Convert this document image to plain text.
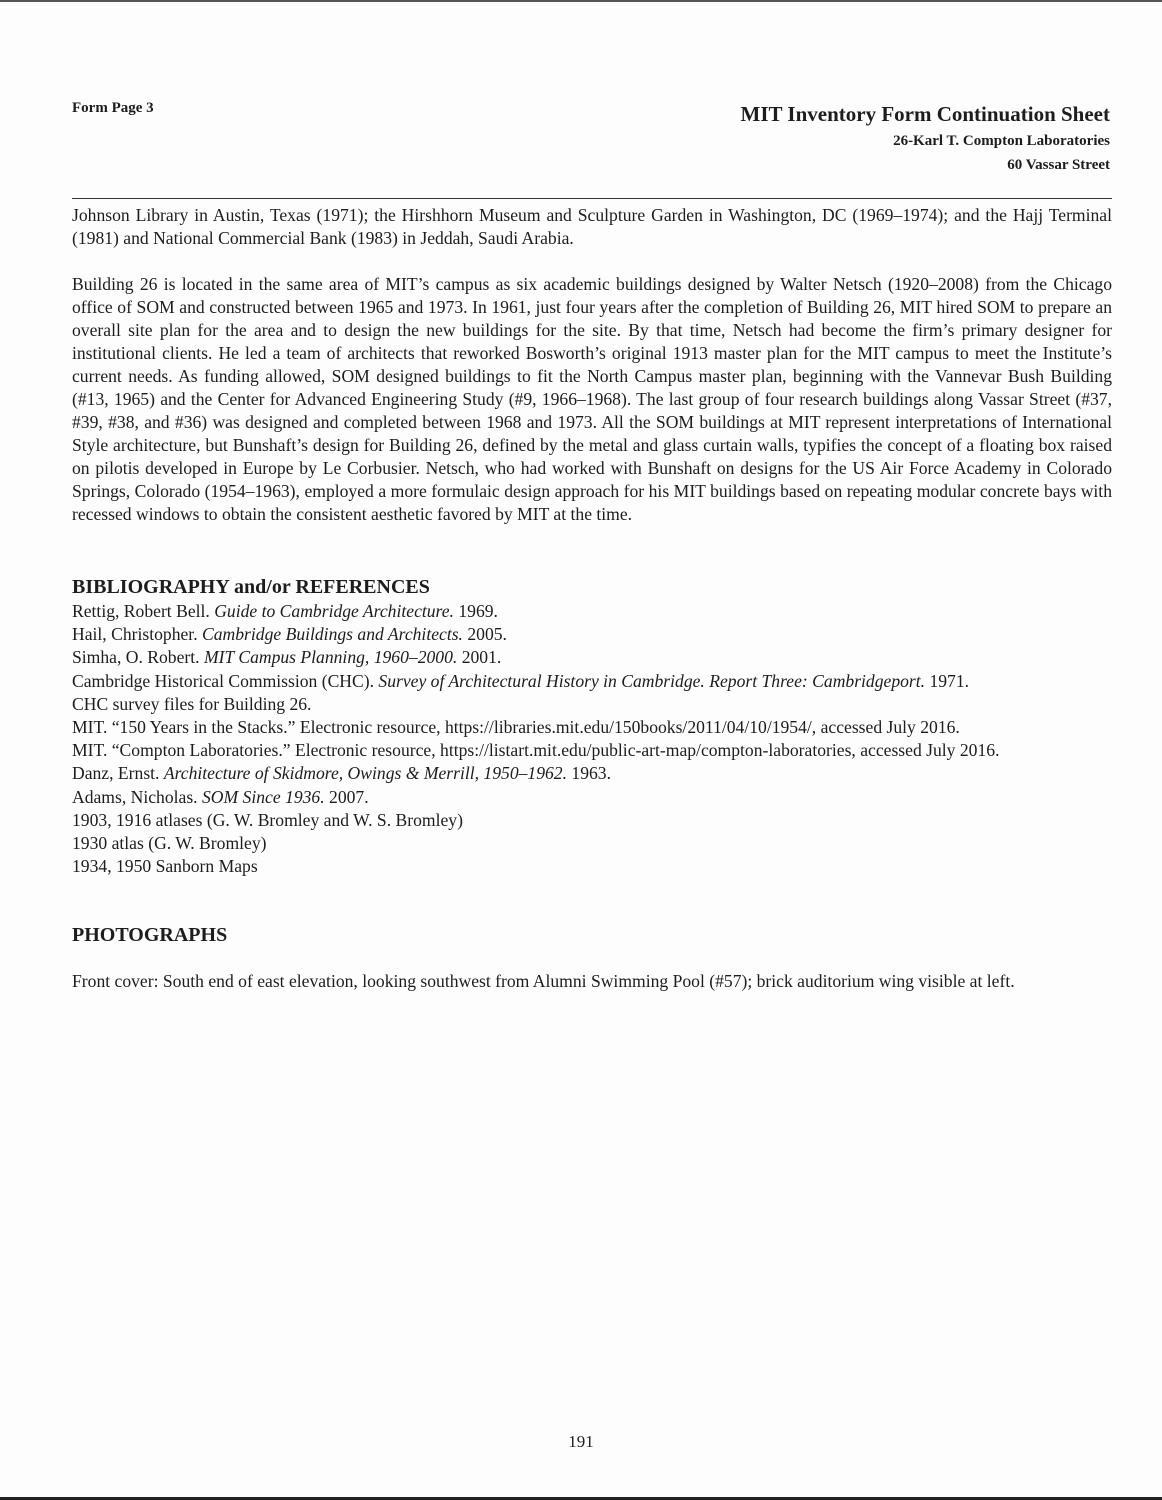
Form Page 3	MIT Inventory Form Continuation Sheet
26-Karl T. Compton Laboratories
60 Vassar Street

Johnson Library in Austin, Texas (1971); the Hirshhorn Museum and Sculpture Garden in Washington, DC (1969–1974); and the Hajj Terminal (1981) and National Commercial Bank (1983) in Jeddah, Saudi Arabia.

Building 26 is located in the same area of MIT’s campus as six academic buildings designed by Walter Netsch (1920–2008) from the Chicago office of SOM and constructed between 1965 and 1973. In 1961, just four years after the completion of Building 26, MIT hired SOM to prepare an overall site plan for the area and to design the new buildings for the site. By that time, Netsch had become the firm’s primary designer for institutional clients. He led a team of architects that reworked Bosworth’s original 1913 master plan for the MIT campus to meet the Institute’s current needs. As funding allowed, SOM designed buildings to fit the North Campus master plan, beginning with the Vannevar Bush Building (#13, 1965) and the Center for Advanced Engineering Study (#9, 1966–1968). The last group of four research buildings along Vassar Street (#37, #39, #38, and #36) was designed and completed between 1968 and 1973. All the SOM buildings at MIT represent interpretations of International Style architecture, but Bunshaft’s design for Building 26, defined by the metal and glass curtain walls, typifies the concept of a floating box raised on pilotis developed in Europe by Le Corbusier. Netsch, who had worked with Bunshaft on designs for the US Air Force Academy in Colorado Springs, Colorado (1954–1963), employed a more formulaic design approach for his MIT buildings based on repeating modular concrete bays with recessed windows to obtain the consistent aesthetic favored by MIT at the time.

BIBLIOGRAPHY and/or REFERENCES
Rettig, Robert Bell. Guide to Cambridge Architecture. 1969.
Hail, Christopher. Cambridge Buildings and Architects. 2005.
Simha, O. Robert. MIT Campus Planning, 1960–2000. 2001.
Cambridge Historical Commission (CHC). Survey of Architectural History in Cambridge. Report Three: Cambridgeport. 1971.
CHC survey files for Building 26.
MIT. “150 Years in the Stacks.” Electronic resource, https://libraries.mit.edu/150books/2011/04/10/1954/, accessed July 2016.
MIT. “Compton Laboratories.” Electronic resource, https://listart.mit.edu/public-art-map/compton-laboratories, accessed July 2016.
Danz, Ernst. Architecture of Skidmore, Owings & Merrill, 1950–1962. 1963.
Adams, Nicholas. SOM Since 1936. 2007.
1903, 1916 atlases (G. W. Bromley and W. S. Bromley)
1930 atlas (G. W. Bromley)
1934, 1950 Sanborn Maps
PHOTOGRAPHS

Front cover: South end of east elevation, looking southwest from Alumni Swimming Pool (#57); brick auditorium wing visible at left.

191
